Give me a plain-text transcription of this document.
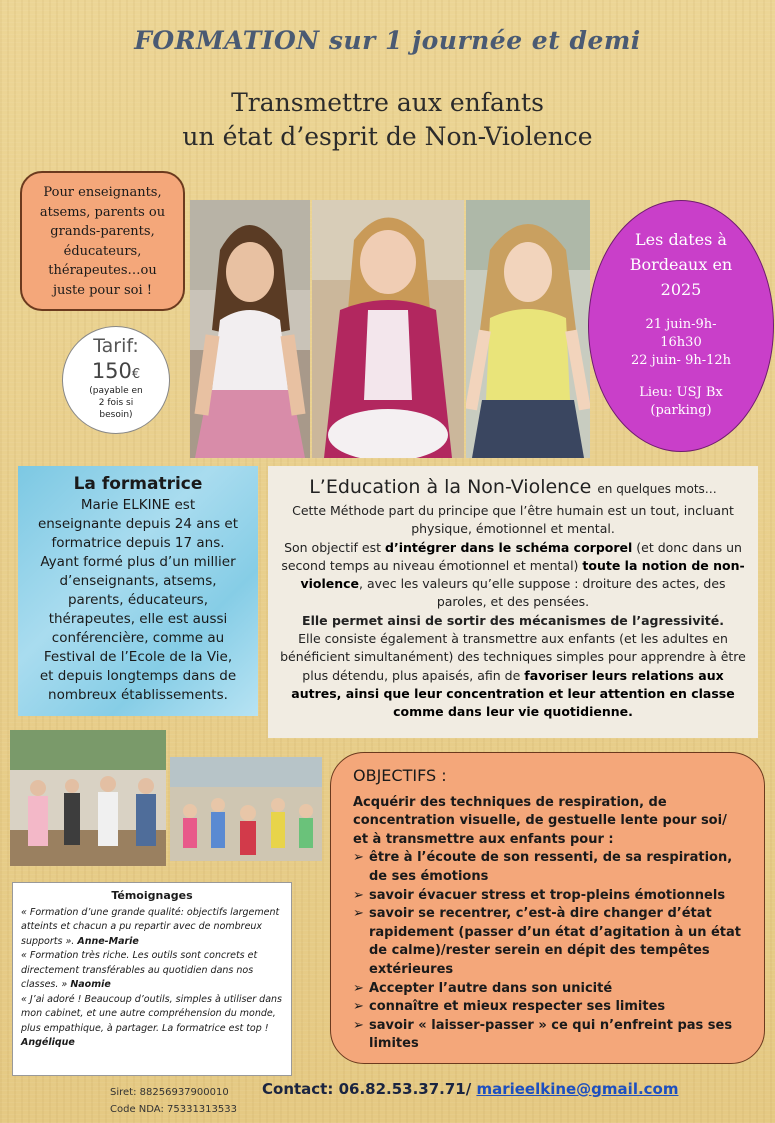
FORMATION sur 1 journée et demi
Transmettre aux enfants
un état d’esprit de Non-Violence
Pour enseignants,
atsems, parents ou
grands-parents,
éducateurs,
thérapeutes…ou
juste pour soi !
Tarif:
150€
(payable en
2 fois si
besoin)
Les dates à
Bordeaux en
2025
21 juin-9h-
16h30
22 juin- 9h-12h
Lieu: USJ Bx
(parking)
La formatrice
Marie ELKINE est
enseignante depuis 24 ans et
formatrice depuis 17 ans.
Ayant formé plus d’un millier
d’enseignants, atsems,
parents, éducateurs,
thérapeutes, elle est aussi
conférencière, comme au
Festival de l’Ecole de la Vie,
et depuis longtemps dans de
nombreux établissements.
L’Education à la Non-Violence en quelques mots…
Cette Méthode part du principe que l’être humain est un tout, incluant physique, émotionnel et mental.
Son objectif est d’intégrer dans le schéma corporel (et donc dans un second temps au niveau émotionnel et mental) toute la notion de non-violence, avec les valeurs qu’elle suppose : droiture des actes, des paroles, et des pensées.
Elle permet ainsi de sortir des mécanismes de l’agressivité.
Elle consiste également à transmettre aux enfants (et les adultes en bénéficient simultanément) des techniques simples pour apprendre à être plus détendu, plus apaisés, afin de favoriser leurs relations aux autres, ainsi que leur concentration et leur attention en classe comme dans leur vie quotidienne.
OBJECTIFS :
Acquérir des techniques de respiration, de concentration visuelle, de gestuelle lente pour soi/ et à transmettre aux enfants pour :
➢ être à l’écoute de son ressenti, de sa respiration, de ses émotions
➢ savoir évacuer stress et trop-pleins émotionnels
➢ savoir se recentrer, c’est-à dire changer d’état rapidement (passer d’un état d’agitation à un état de calme)/rester serein en dépit des tempêtes extérieures
➢ Accepter l’autre dans son unicité
➢ connaître et mieux respecter ses limites
➢ savoir « laisser-passer » ce qui n’enfreint pas ses limites
Témoignages
« Formation d’une grande qualité: objectifs largement atteints et chacun a pu repartir avec de nombreux supports ». Anne-Marie
« Formation très riche. Les outils sont concrets et directement transférables au quotidien dans nos classes. » Naomie
« J’ai adoré ! Beaucoup d’outils, simples à utiliser dans mon cabinet, et une autre compréhension du monde, plus empathique, à partager. La formatrice est top ! Angélique
Siret: 88256937900010
Code NDA: 75331313533
Contact: 06.82.53.37.71/ marieelkine@gmail.com
